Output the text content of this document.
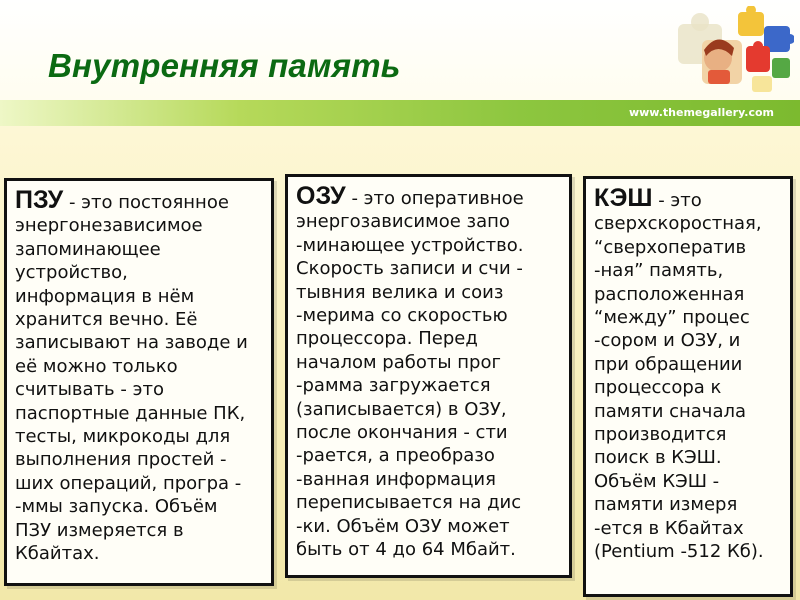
Внутренняя память
www.themegallery.com
ПЗУ - это постоянное
энергонезависимое
запоминающее
устройство,
информация в нём
хранится вечно. Её
записывают на заводе и
её можно только
считывать - это
паспортные данные ПК,
тесты, микрокоды для
выполнения простей -
ших операций, програ -
-ммы запуска. Объём
ПЗУ измеряется в
Кбайтах.
ОЗУ - это оперативное
энергозависимое запо
-минающее устройство.
Скорость записи и счи -
тывния велика и соиз
-мерима со скоростью
процессора. Перед
началом работы прог
-рамма загружается
(записывается) в ОЗУ,
после окончания - сти
-рается, а преобразо
-ванная информация
переписывается на дис
-ки. Объём ОЗУ может
быть от 4 до 64 Мбайт.
КЭШ - это
сверхскоростная,
“сверхоператив
-ная” память,
расположенная
“между” процес
-сором и ОЗУ, и
при обращении
процессора к
памяти сначала
производится
поиск в КЭШ.
Объём КЭШ -
памяти измеря
-ется в Кбайтах
(Pentium -512 Кб).
